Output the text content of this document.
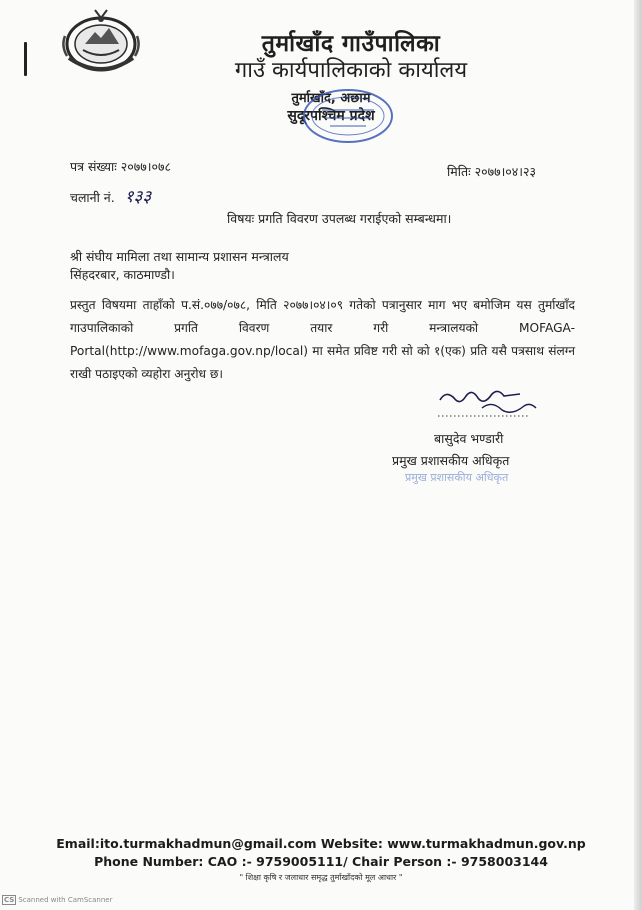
तुर्माखाँद गाउँपालिका
गाउँ कार्यपालिकाको कार्यालय
तुर्माखाँद, अछाम
सुदूरपश्चिम प्रदेश
पत्र संख्याः २०७७।०७८
चलानी नं. १३३
मितिः २०७७।०४।२३
विषयः प्रगति विवरण उपलब्ध गराईएको सम्बन्धमा।
श्री संघीय मामिला तथा सामान्य प्रशासन मन्त्रालय
सिंहदरबार, काठमाण्डौ।
प्रस्तुत विषयमा ताहाँको प.सं.०७७/०७८, मिति २०७७।०४।०९ गतेको पत्रानुसार माग भए बमोजिम यस तुर्माखाँद गाउपालिकाको प्रगति विवरण तयार गरी मन्त्रालयको MOFAGA-Portal(http://www.mofaga.gov.np/local) मा समेत प्रविष्ट गरी सो को १(एक) प्रति यसै पत्रसाथ संलग्न राखी पठाइएको व्यहोरा अनुरोध छ।
बासुदेव भण्डारी
प्रमुख प्रशासकीय अधिकृत
प्रमुख प्रशासकीय अधिकृत
Email:ito.turmakhadmun@gmail.com Website: www.turmakhadmun.gov.np
Phone Number: CAO :- 9759005111/ Chair Person :- 9758003144
" शिक्षा कृषि र जलाधार समृद्ध तुर्माखाँदको मूल आधार "
CS Scanned with CamScanner
